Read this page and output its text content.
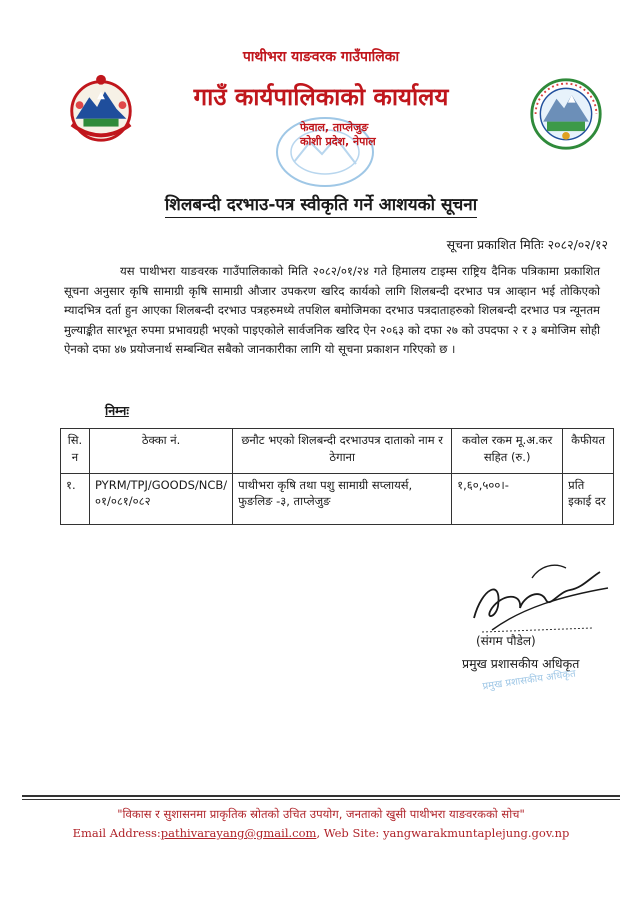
पाथीभरा याङवरक गाउँपालिका
गाउँ कार्यपालिकाको कार्यालय
फेवाल, ताप्लेजुङ
कोशी प्रदेश, नेपाल
शिलबन्दी दरभाउ-पत्र स्वीकृति गर्ने आशयको सूचना
सूचना प्रकाशित मितिः २०८२/०२/१२
यस पाथीभरा याङवरक गाउँपालिकाको मिति २०८२/०१/२४ गते हिमालय टाइम्स राष्ट्रिय दैनिक पत्रिकामा प्रकाशित सूचना अनुसार कृषि सामाग्री कृषि सामाग्री औजार उपकरण खरिद कार्यको लागि शिलबन्दी दरभाउ पत्र आव्हान भई तोकिएको म्यादभित्र दर्ता हुन आएका शिलबन्दी दरभाउ पत्रहरुमध्ये तपशिल बमोजिमका दरभाउ पत्रदाताहरुको शिलबन्दी दरभाउ पत्र न्यूनतम मुल्याङ्कीत सारभूत रुपमा प्रभावग्रही भएको पाइएकोले सार्वजनिक खरिद ऐन २०६३ को दफा २७ को उपदफा २ र ३ बमोजिम सोही ऐनको दफा ४७ प्रयोजनार्थ सम्बन्धित सबैको जानकारीका लागि यो सूचना प्रकाशन गरिएको छ ।
निम्नः
सि. न	ठेक्का नं.	छनौट भएको शिलबन्दी दरभाउपत्र दाताको नाम र ठेगाना	कवोल रकम मू.अ.कर सहित (रु.)	कैफीयत
१.	PYRM/TPJ/GOODS/NCB/ ०१/०८१/०८२	पाथीभरा कृषि तथा पशु सामाग्री सप्लायर्स, फुङलिङ -३, ताप्लेजुङ	१,६०,५००।-	प्रति इकाई दर
(संगम पौडेल)
प्रमुख प्रशासकीय अधिकृत
प्रमुख प्रशासकीय अधिकृत
"विकास र सुशासनमा प्राकृतिक स्रोतको उचित उपयोग, जनताको खुसी पाथीभरा याङवरकको सोच"
Email Address:pathivarayang@gmail.com, Web Site: yangwarakmuntaplejung.gov.np
